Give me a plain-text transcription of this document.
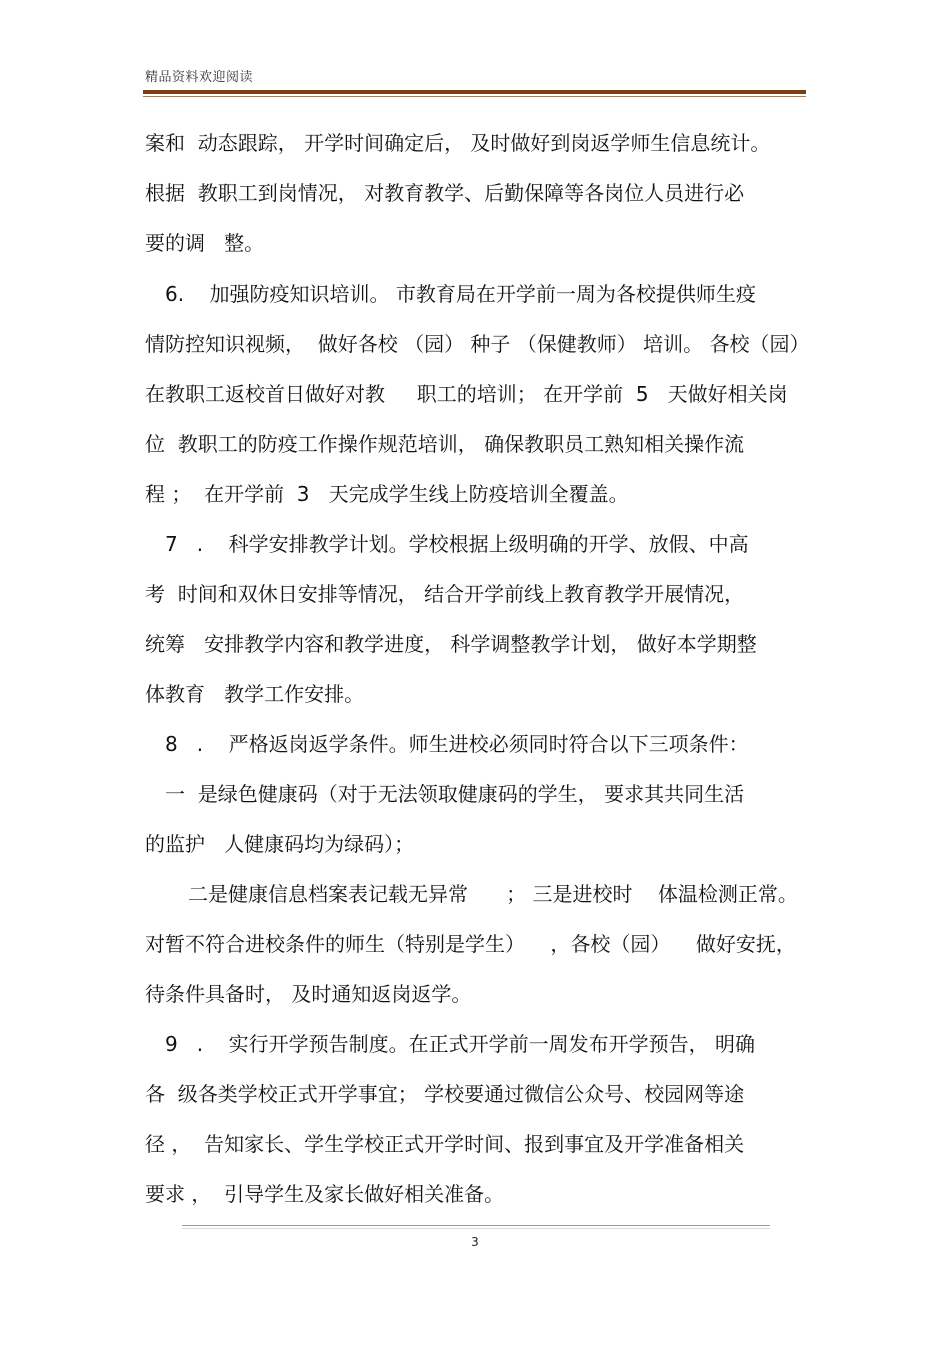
精品资料欢迎阅读
案和  动态跟踪， 开学时间确定后， 及时做好到岗返学师生信息统计。
根据  教职工到岗情况， 对教育教学、后勤保障等各岗位人员进行必
要的调   整。
6.    加强防疫知识培训。 市教育局在开学前一周为各校提供师生疫
情防控知识视频，  做好各校 （园） 种子 （保健教师） 培训。 各校（园）
在教职工返校首日做好对教     职工的培训； 在开学前  5   天做好相关岗
位  教职工的防疫工作操作规范培训， 确保教职员工熟知相关操作流
程 ；  在开学前  3   天完成学生线上防疫培训全覆盖。
7   .    科学安排教学计划。学校根据上级明确的开学、放假、中高
考  时间和双休日安排等情况， 结合开学前线上教育教学开展情况，
统筹   安排教学内容和教学进度， 科学调整教学计划， 做好本学期整
体教育   教学工作安排。
8   .    严格返岗返学条件。师生进校必须同时符合以下三项条件：
一  是绿色健康码（对于无法领取健康码的学生， 要求其共同生活
的监护   人健康码均为绿码）；
二是健康信息档案表记载无异常      ； 三是进校时    体温检测正常。
对暂不符合进校条件的师生（特别是学生）    ，各校（园）    做好安抚，
待条件具备时， 及时通知返岗返学。
9   .    实行开学预告制度。在正式开学前一周发布开学预告， 明确
各  级各类学校正式开学事宜； 学校要通过微信公众号、校园网等途
径 ，  告知家长、学生学校正式开学时间、报到事宜及开学准备相关
要求 ，  引导学生及家长做好相关准备。
3
